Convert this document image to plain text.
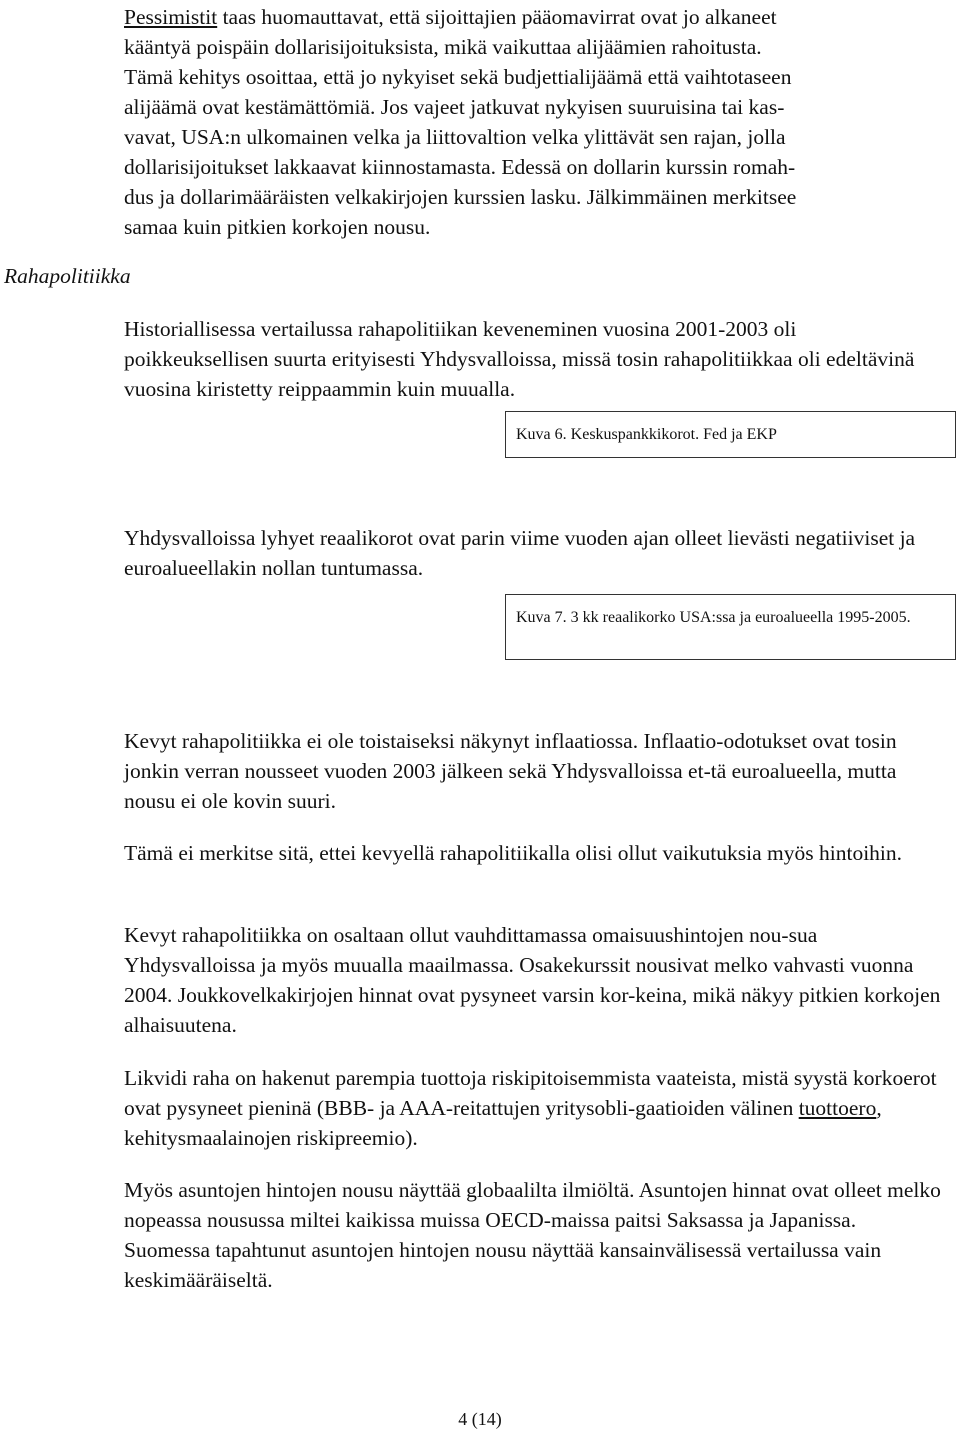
Pessimistit taas huomauttavat, että sijoittajien pääomavirrat ovat jo alkaneet
kääntyä poispäin dollarisijoituksista, mikä vaikuttaa alijäämien rahoitusta.
Tämä kehitys osoittaa, että jo nykyiset sekä budjettialijäämä että vaihtotaseen
alijäämä ovat kestämättömiä. Jos vajeet jatkuvat nykyisen suuruisina tai kas-
vavat, USA:n ulkomainen velka ja liittovaltion velka ylittävät sen rajan, jolla
dollarisijoitukset lakkaavat kiinnostamasta. Edessä on dollarin kurssin romah-
dus ja dollarimääräisten velkakirjojen kurssien lasku. Jälkimmäinen merkitsee
samaa kuin pitkien korkojen nousu.
Rahapolitiikka

Historiallisessa vertailussa rahapolitiikan keveneminen vuosina 2001-2003 oli poikkeuksellisen suurta erityisesti Yhdysvalloissa, missä tosin rahapolitiikkaa oli edeltävinä vuosina kiristetty reippaammin kuin muualla.

Kuva 6. Keskuspankkikorot. Fed ja EKP

Yhdysvalloissa lyhyet reaalikorot ovat parin viime vuoden ajan olleet lievästi negatiiviset ja euroalueellakin nollan tuntumassa.

Kuva 7. 3 kk reaalikorko USA:ssa ja euroalueella 1995-2005.

Kevyt rahapolitiikka ei ole toistaiseksi näkynyt inflaatiossa. Inflaatio-odotukset ovat tosin jonkin verran nousseet vuoden 2003 jälkeen sekä Yhdysvalloissa et-tä euroalueella, mutta nousu ei ole kovin suuri.

Tämä ei merkitse sitä, ettei kevyellä rahapolitiikalla olisi ollut vaikutuksia myös hintoihin.

Kevyt rahapolitiikka on osaltaan ollut vauhdittamassa omaisuushintojen nou-sua Yhdysvalloissa ja myös muualla maailmassa. Osakekurssit nousivat melko vahvasti vuonna 2004. Joukkovelkakirjojen hinnat ovat pysyneet varsin kor-keina, mikä näkyy pitkien korkojen alhaisuutena.

Likvidi raha on hakenut parempia tuottoja riskipitoisemmista vaateista, mistä syystä korkoerot ovat pysyneet pieninä (BBB- ja AAA-reitattujen yritysobli-gaatioiden välinen tuottoero, kehitysmaalainojen riskipreemio).

Myös asuntojen hintojen nousu näyttää globaalilta ilmiöltä. Asuntojen hinnat ovat olleet melko nopeassa nousussa miltei kaikissa muissa OECD-maissa paitsi Saksassa ja Japanissa. Suomessa tapahtunut asuntojen hintojen nousu näyttää kansainvälisessä vertailussa vain keskimääräiseltä.

4 (14)
